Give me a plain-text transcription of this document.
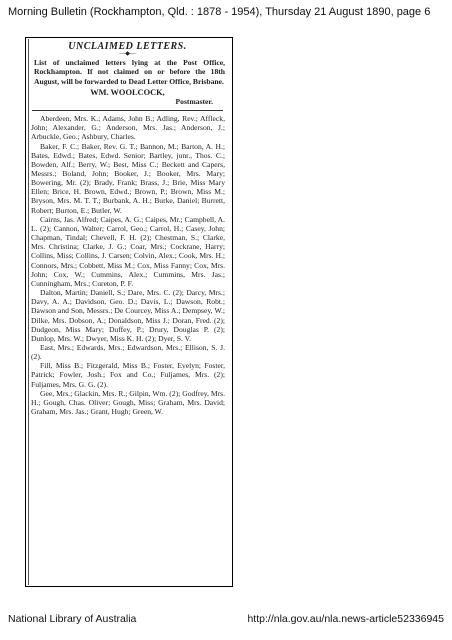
Morning Bulletin (Rockhampton, Qld. : 1878 - 1954), Thursday 21 August 1890, page 6
UNCLAIMED LETTERS.
—◆—
List of unclaimed letters lying at the Post Office, Rockhampton. If not claimed on or before the 18th August, will be forwarded to Dead Letter Office, Brisbane.
WM. WOOLCOCK,
Postmaster.

Aberdeen, Mrs. K.; Adams, John B.; Adling, Rev.; Affleck, John; Alexander, G.; Anderson, Mrs. Jas.; Anderson, J.; Arbuckle, Geo.; Ashbury, Charles.

Baker, F. C.; Baker, Rev. G. T.; Bannon, M.; Barton, A. H.; Bates, Edwd.; Bates, Edwd. Senior; Bartley, junr., Thos. C.; Bowden, Alf.; Berry, W.; Best, Miss C.; Beckett and Capers, Messrs.; Boland, John; Booker, J.; Booker, Mrs. Mary; Bowering, Mr. (2); Brady, Frank; Brass, J.; Brie, Miss Mary Ellen; Brice, H. Brown, Edwd.; Brown, P.; Brown, Miss M.; Bryson, Mrs. M. T. T.; Burbank, A. H.; Burke, Daniel; Burrett, Robert; Burton, E.; Butler, W.

Cairns, Jas. Alfred; Caipes, A. G.; Caipes, Mr.; Campbell, A. L. (2); Cannon, Walter; Carrol, Geo.; Carrol, H.; Casey, John; Chapman, Tindal; Chevell, F. H. (2); Chestman, S.; Clarke, Mrs. Christina; Clarke, J. G.; Coar, Mrs.; Cockrane, Harry; Collins, Miss; Collins, J. Carsen; Colvin, Alex.; Cook, Mrs. H.; Connors, Mrs.; Cobbett, Miss M.; Cox, Miss Fanny; Cox, Mrs. John; Cox, W.; Cummins, Alex.; Cummins, Mrs. Jas.; Cunningham, Mrs.; Cureton, P. F.

Dalton, Martin; Daniell, S.; Dare, Mrs. C. (2); Darcy, Mrs.; Davy, A. A.; Davidson, Geo. D.; Davis, L.; Dawson, Robt.; Dawson and Son, Messrs.; De Courcey, Miss A.; Dempsey, W.; Dilke, Mrs. Dobson, A.; Donaldson, Miss J.; Doran, Fred. (2); Dudgeon, Miss Mary; Duffey, P.; Drury, Douglas P. (2); Dunlop, Mrs. W.; Dwyer, Miss K. H. (2); Dyer, S. V.

East, Mrs.; Edwards, Mrs.; Edwardson, Mrs.; Ellison, S. J. (2).

Fill, Miss B.; Fitzgerald, Miss B.; Foster, Evelyn; Foster, Patrick; Fowler, Josh.; Fox and Co.; Fuljames, Mrs. (2); Fuljames, Mrs. G. G. (2).

Gee, Mrs.; Glackin, Mrs. R.; Gilpin, Wm. (2); Godfrey, Mrs. H.; Gough, Chas. Oliver; Gough, Miss; Graham, Mrs. David; Graham, Mrs. Jas.; Grant, Hugh; Green, W.

National Library of Australia	http://nla.gov.au/nla.news-article52336945
